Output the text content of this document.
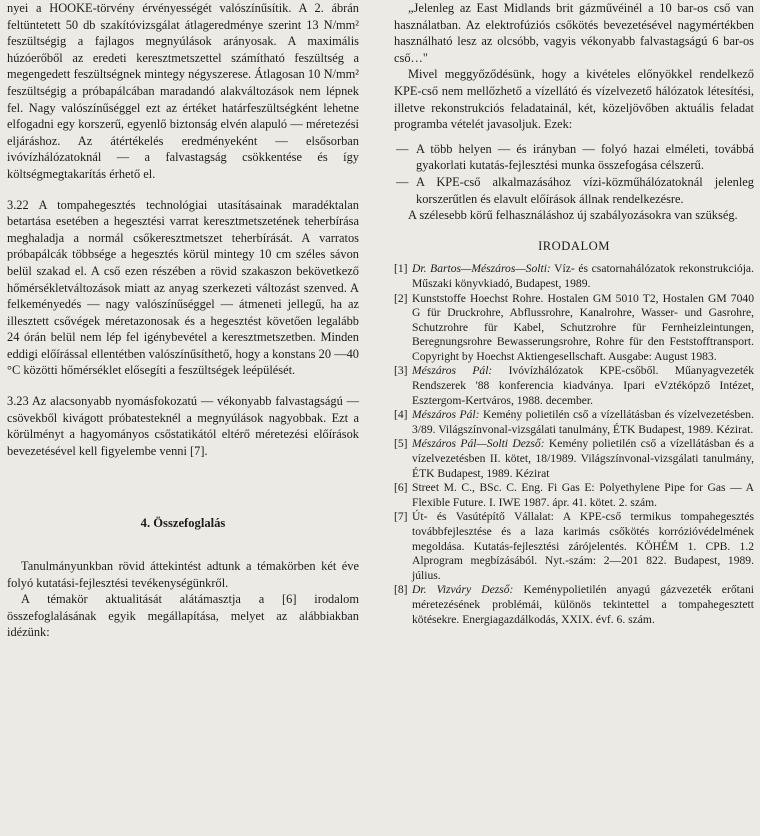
nyei a HOOKE-törvény érvényességét valószínűsítik. A 2. ábrán feltüntetett 50 db szakítóvizsgálat átlageredménye szerint 13 N/mm² feszültségig a fajlagos megnyúlások arányosak. A maximális húzóerőből az eredeti keresztmetszettel számítható feszültség a megengedett feszültségnek mintegy négyszerese. Átlagosan 10 N/mm² feszültségig a próbapálcában maradandó alakváltozások nem lépnek fel. Nagy valószínűséggel ezt az értéket határfeszültségként lehetne elfogadni egy korszerű, egyenlő biztonság elvén alapuló — méretezési eljáráshoz. Az átértékelés eredményeként — elsősorban ivóvízhálózatoknál — a falvastagság csökkentése és így költségmegtakarítás érhető el.

3.22 A tompahegesztés technológiai utasításainak maradéktalan betartása esetében a hegesztési varrat keresztmetszetének teherbírása meghaladja a normál csőkeresztmetszet teherbírását. A varratos próbapálcák többsége a hegesztés körül mintegy 10 cm széles sávon belül szakad el. A cső ezen részében a rövid szakaszon bekövetkező hőmérsékletváltozások miatt az anyag szerkezeti változást szenved. A felkeményedés — nagy valószínűséggel — átmeneti jellegű, ha az illesztett csővégek méretazonosak és a hegesztést követően legalább 24 órán belül nem lép fel igénybevétel a keresztmetszetben. Minden eddigi előírással ellentétben valószínűsíthető, hogy a konstans 20 —40 °C közötti hőmérséklet elősegíti a feszültségek leépülését.

3.23 Az alacsonyabb nyomásfokozatú — vékonyabb falvastagságú — csövekből kivágott próbatesteknél a megnyúlások nagyobbak. Ezt a körülményt a hagyományos csőstatikától eltérő méretezési előírások bevezetésével kell figyelembe venni [7].

4. Összefoglalás

Tanulmányunkban rövid áttekintést adtunk a témakörben két éve folyó kutatási-fejlesztési tevékenységünkről.

A témakör aktualitását alátámasztja a [6] irodalom összefoglalásának egyik megállapítása, melyet az alábbiakban idézünk:

„Jelenleg az East Midlands brit gázművéinél a 10 bar-os cső van használatban. Az elektrofúziós csőkötés bevezetésével nagymértékben használható lesz az olcsóbb, vagyis vékonyabb falvastagságú 6 bar-os cső…"

Mivel meggyőződésünk, hogy a kivételes előnyökkel rendelkező KPE-cső nem mellőzhető a vízellátó és vízelvezető hálózatok létesítési, illetve rekonstrukciós feladatainál, két, közeljövőben aktuális feladat programba vételét javasoljuk. Ezek:

— A több helyen — és irányban — folyó hazai elméleti, továbbá gyakorlati kutatás-fejlesztési munka összefogása célszerű.
— A KPE-cső alkalmazásához vízi-közműhálózatoknál jelenleg korszerűtlen és elavult előírások állnak rendelkezésre.

A szélesebb körű felhasználáshoz új szabályozásokra van szükség.

IRODALOM

[1] Dr. Bartos—Mészáros—Solti: Víz- és csatornahálózatok rekonstrukciója. Műszaki könyvkiadó, Budapest, 1989.
[2] Kunststoffe Hoechst Rohre. Hostalen GM 5010 T2, Hostalen GM 7040 G für Druckrohre, Abflussrohre, Kanalrohre, Wasser- und Gasrohre, Schutzrohre für Kabel, Schutzrohre für Fernheizleintungen, Beregnungsrohre Bewasserungsrohre, Rohre für den Feststofftransport. Copyright by Hoechst Aktiengesellschaft. Ausgabe: August 1983.
[3] Mészáros Pál: Ivóvízhálózatok KPE-csőből. Műanyagvezeték Rendszerek '88 konferencia kiadványa. Ipari eVztékópző Intézet, Esztergom-Kertváros, 1988. december.
[4] Mészáros Pál: Kemény polietilén cső a vízellátásban és vízelvezetésben. 3/89. Világszínvonal-vizsgálati tanulmány, ÉTK Budapest, 1989. Kézirat.
[5] Mészáros Pál—Solti Dezső: Kemény polietilén cső a vízellátásban és a vízelvezetésben II. kötet, 18/1989. Világszínvonal-vizsgálati tanulmány, ÉTK Budapest, 1989. Kézirat
[6] Street M. C., BSc. C. Eng. Fi Gas E: Polyethylene Pipe for Gas — A Flexible Future. I. IWE 1987. ápr. 41. kötet. 2. szám.
[7] Út- és Vasútépítő Vállalat: A KPE-cső termikus tompahegesztés továbbfejlesztése és a laza karimás csőkötés korrózióvédelmének megoldása. Kutatás-fejlesztési zárójelentés. KÖHÉM 1. CPB. 1.2 Alprogram megbízásából. Nyt.-szám: 2—201 822. Budapest, 1989. július.
[8] Dr. Vizváry Dezső: Keménypolietilén anyagú gázvezeték erőtani méretezésének problémái, különös tekintettel a tompahegesztett kötésekre. Energiagazdálkodás, XXIX. évf. 6. szám.
